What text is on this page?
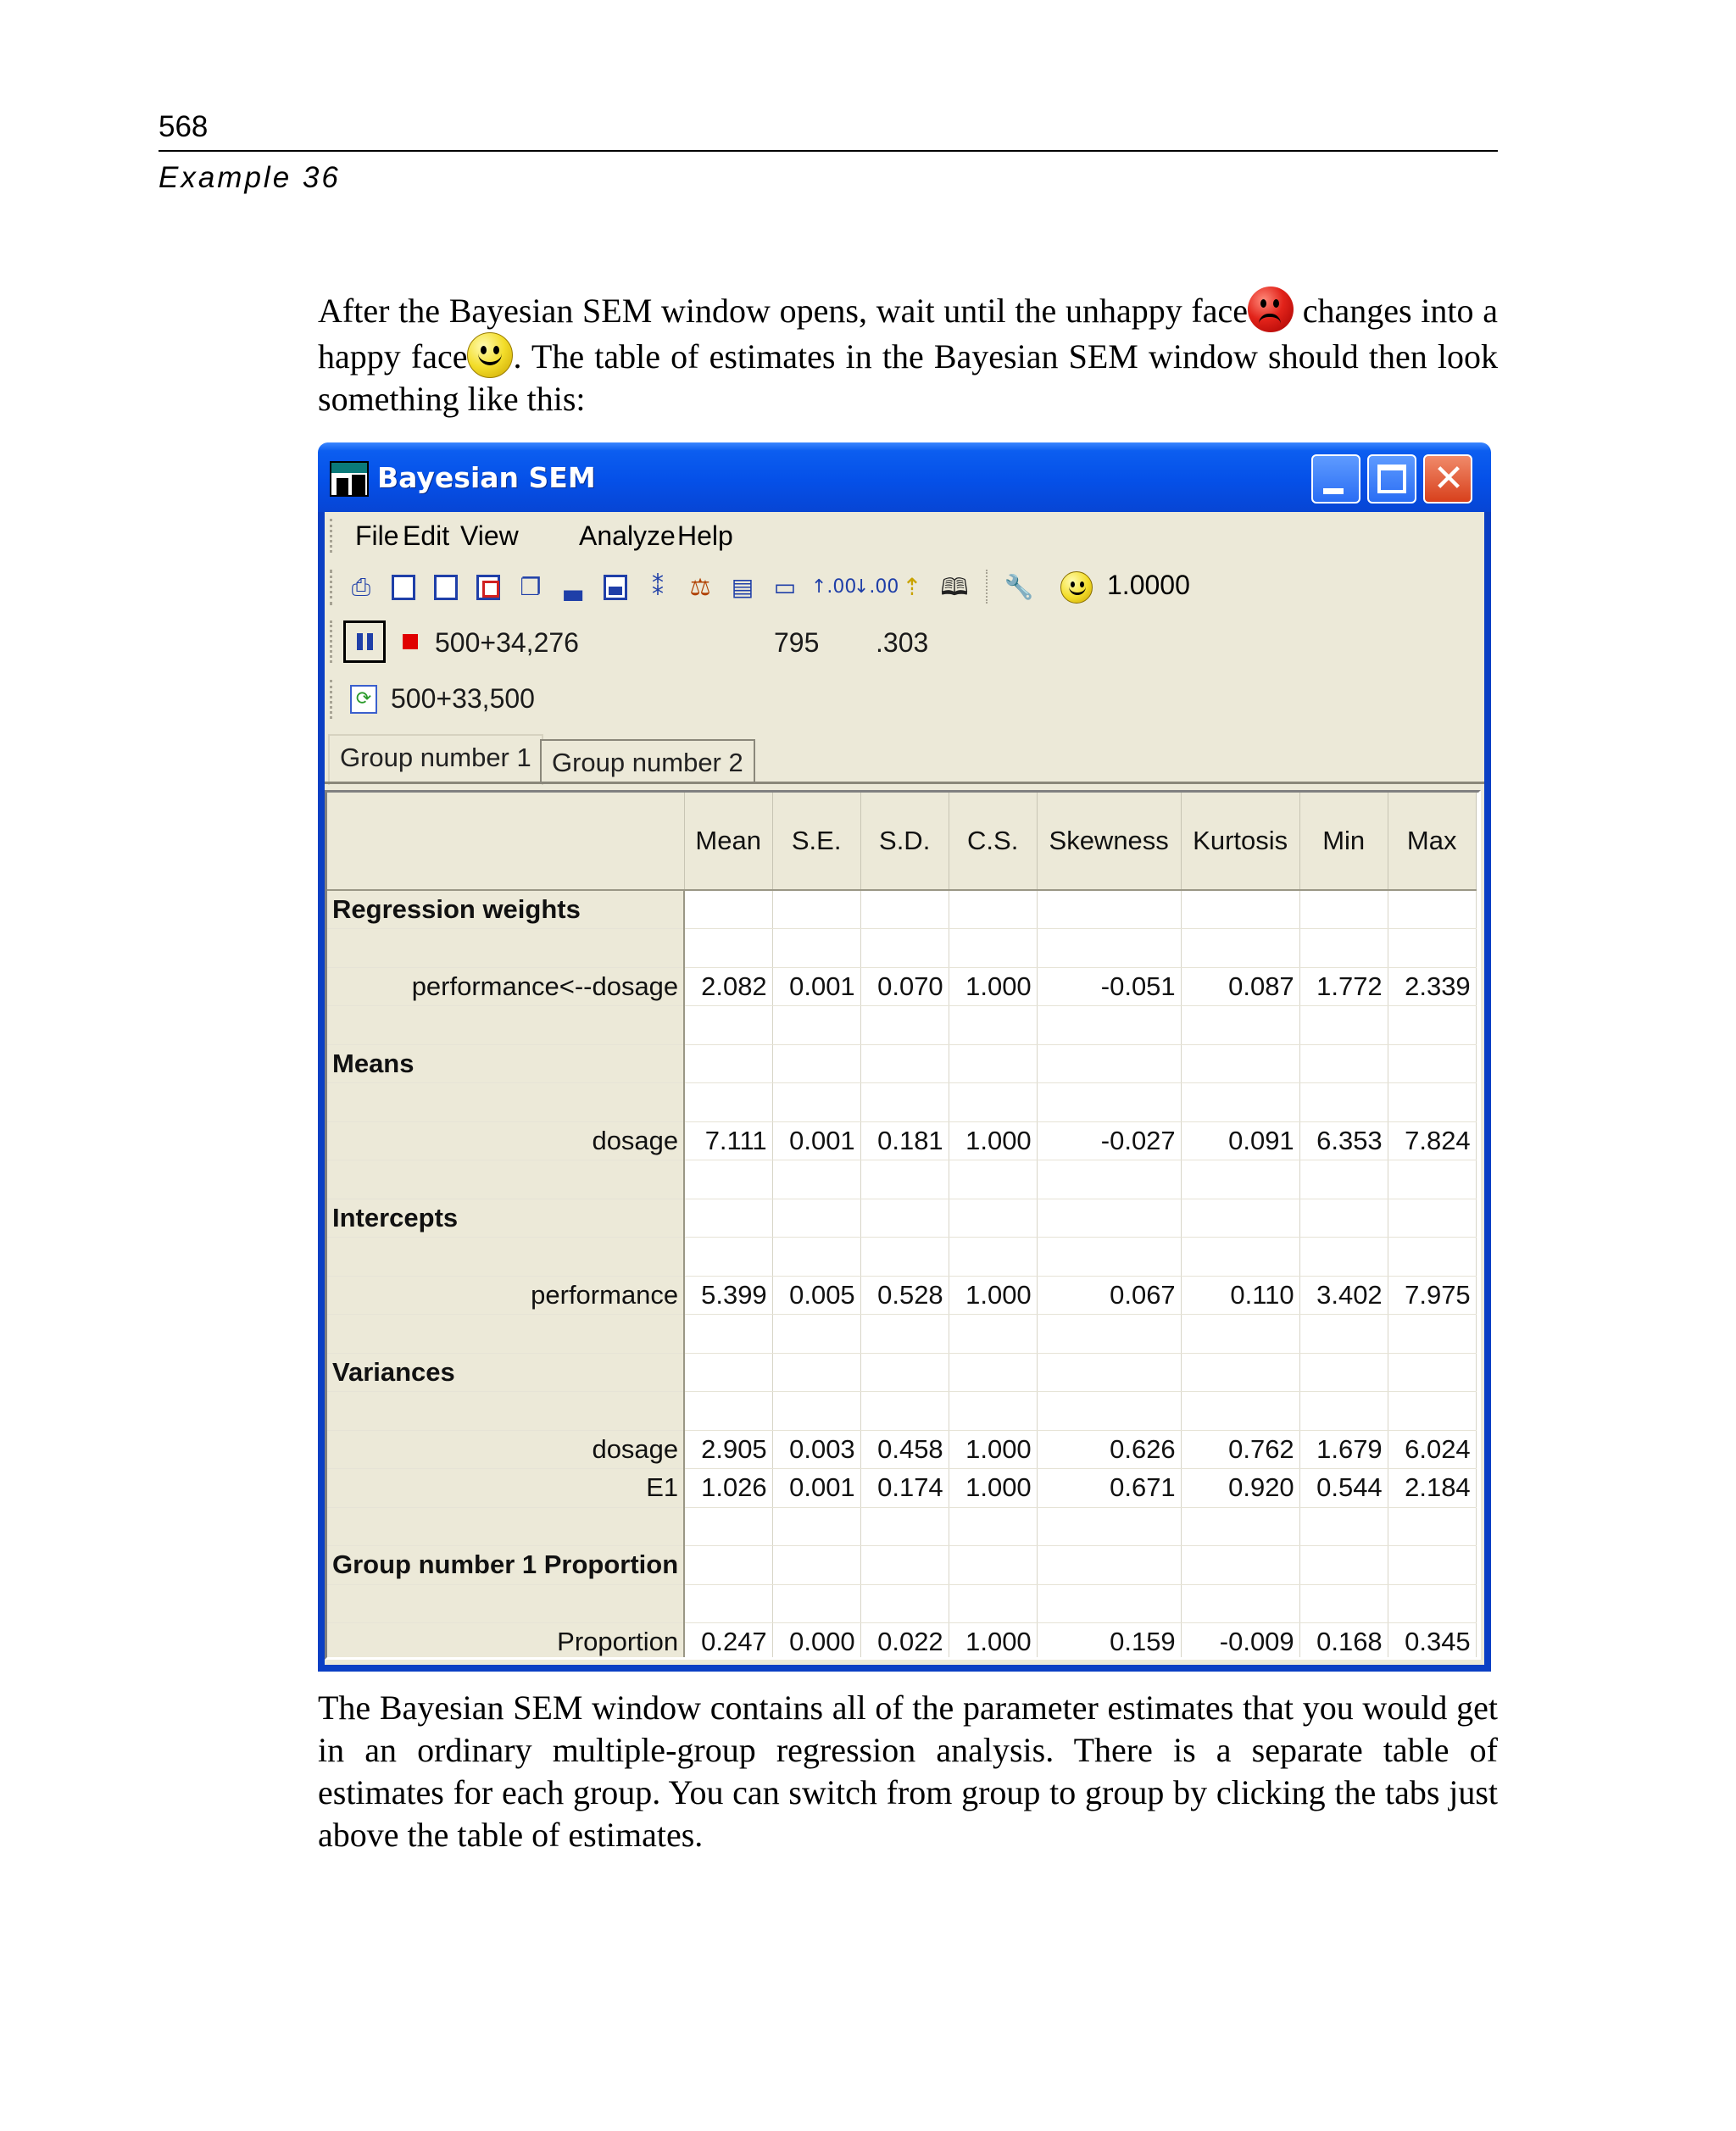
568
Example 36

After the Bayesian SEM window opens, wait until the unhappy face changes into a happy face . The table of estimates in the Bayesian SEM window should then look something like this:

Bayesian SEM	✕
File Edit View Analyze Help
⎙	❐ ▃	⁑	⚖ ▤ ▭ ↑.00
↓.00 ⇡ 🕮 🔧	1.0000
500+34,276	795 .303
⟳ 500+33,500
Group number 1 Group number 2
	Mean	S.E.	S.D.	C.S.	Skewness	Kurtosis	Min	Max
Regression weights								

performance<--dosage	2.082	0.001	0.070	1.000	-0.051	0.087	1.772	2.339

Means								

dosage	7.111	0.001	0.181	1.000	-0.027	0.091	6.353	7.824

Intercepts								

performance	5.399	0.005	0.528	1.000	0.067	0.110	3.402	7.975

Variances								

dosage	2.905	0.003	0.458	1.000	0.626	0.762	1.679	6.024
E1	1.026	0.001	0.174	1.000	0.671	0.920	0.544	2.184

Group number 1 Proportion								

Proportion	0.247	0.000	0.022	1.000	0.159	-0.009	0.168	0.345

The Bayesian SEM window contains all of the parameter estimates that you would get in an ordinary multiple-group regression analysis. There is a separate table of estimates for each group. You can switch from group to group by clicking the tabs just above the table of estimates.
